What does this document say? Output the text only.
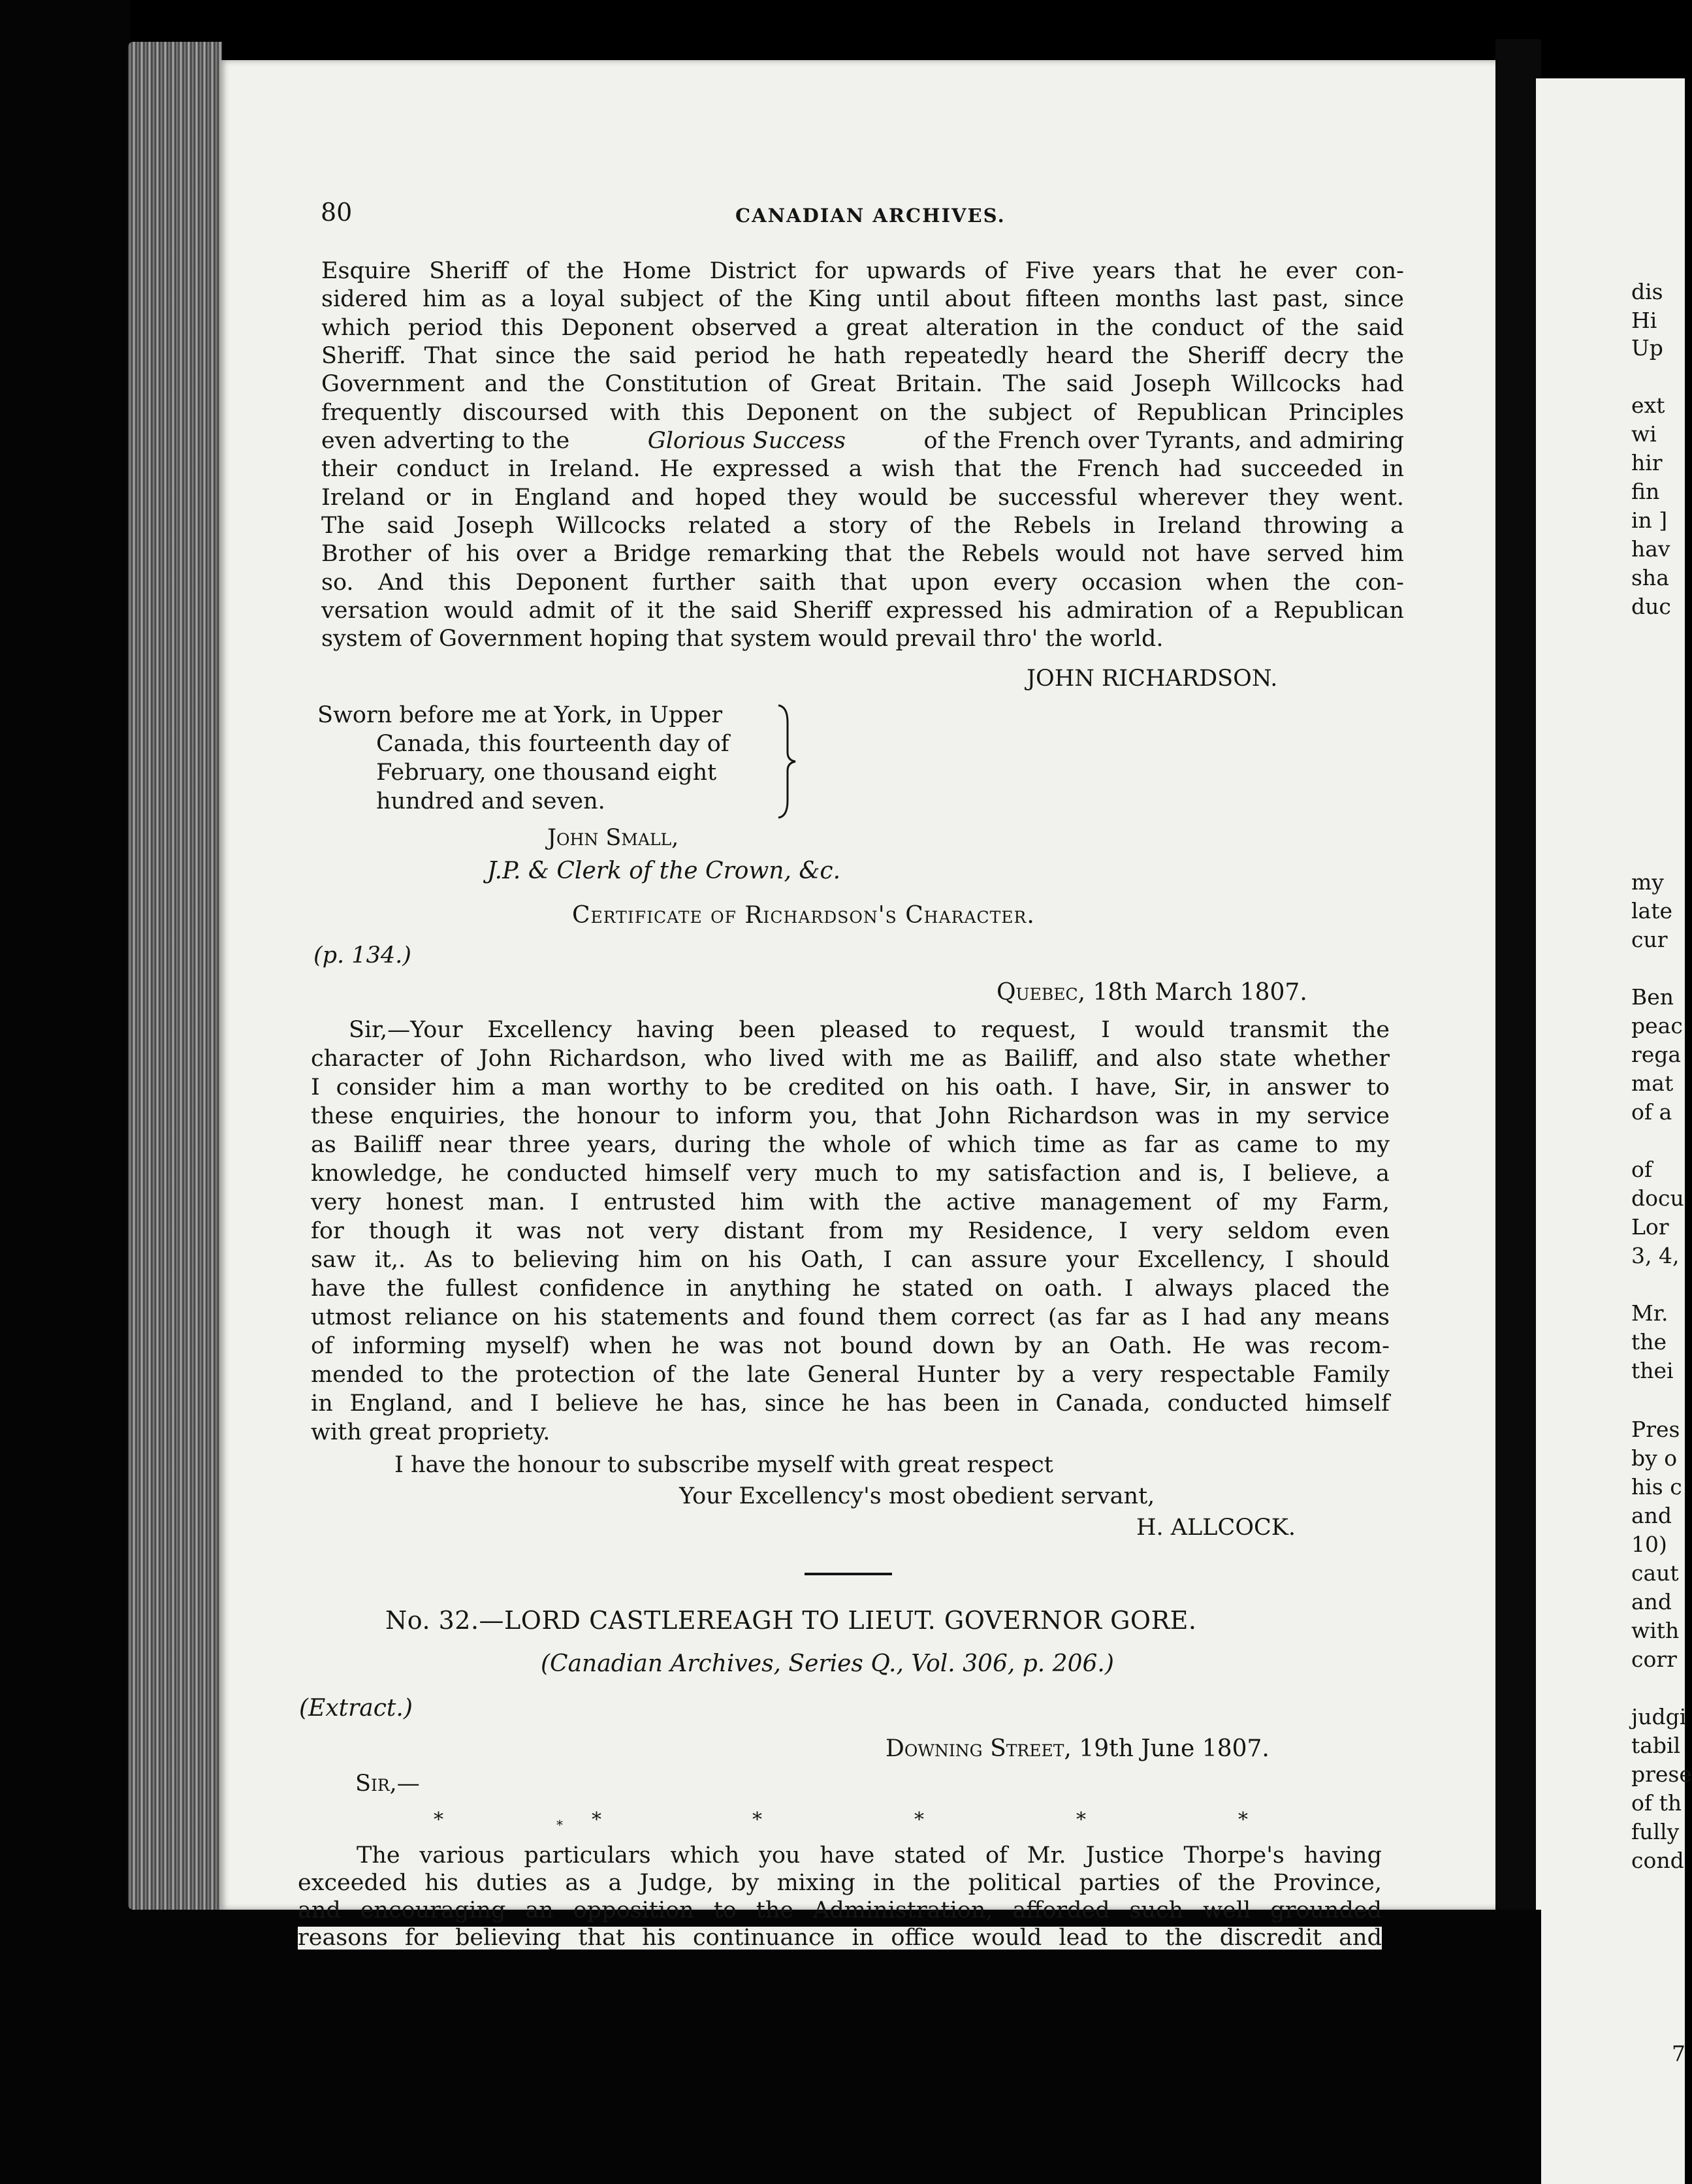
80	CANADIAN ARCHIVES.

Esquire Sheriff of the Home District for upwards of Five years that he ever con-

sidered him as a loyal subject of the King until about fifteen months last past, since

which period this Deponent observed a great alteration in the conduct of the said

Sheriff. That since the said period he hath repeatedly heard the Sheriff decry the

Government and the Constitution of Great Britain. The said Joseph Willcocks had

frequently discoursed with this Deponent on the subject of Republican Principles

even adverting to the	Glorious Success	of the French over Tyrants, and admiring

their conduct in Ireland. He expressed a wish that the French had succeeded in

Ireland or in England and hoped they would be successful wherever they went.

The said Joseph Willcocks related a story of the Rebels in Ireland throwing a

Brother of his over a Bridge remarking that the Rebels would not have served him

so. And this Deponent further saith that upon every occasion when the con-

versation would admit of it the said Sheriff expressed his admiration of a Republican

system of Government hoping that system would prevail thro' the world.

JOHN RICHARDSON.

Sworn before me at York, in Upper

Canada, this fourteenth day of

February, one thousand eight

hundred and seven.

John Small,

J.P. & Clerk of the Crown, &c.

Certificate of Richardson's Character.

(p. 134.)

Quebec, 18th March 1807.

Sir,—Your Excellency having been pleased to request, I would transmit the

character of John Richardson, who lived with me as Bailiff, and also state whether

I consider him a man worthy to be credited on his oath. I have, Sir, in answer to

these enquiries, the honour to inform you, that John Richardson was in my service

as Bailiff near three years, during the whole of which time as far as came to my

knowledge, he conducted himself very much to my satisfaction and is, I believe, a

very honest man. I entrusted him with the active management of my Farm,

for though it was not very distant from my Residence, I very seldom even

saw it,. As to believing him on his Oath, I can assure your Excellency, I should

have the fullest confidence in anything he stated on oath. I always placed the

utmost reliance on his statements and found them correct (as far as I had any means

of informing myself) when he was not bound down by an Oath. He was recom-

mended to the protection of the late General Hunter by a very respectable Family

in England, and I believe he has, since he has been in Canada, conducted himself

with great propriety.

I have the honour to subscribe myself with great respect

Your Excellency's most obedient servant,

H. ALLCOCK.

No. 32.—LORD CASTLEREAGH TO LIEUT. GOVERNOR GORE.

(Canadian Archives, Series Q., Vol. 306, p. 206.)

(Extract.)

Downing Street, 19th June 1807.

Sir,—

*	* *	*	*	*	*

The various particulars which you have stated of Mr. Justice Thorpe's having

exceeded his duties as a Judge, by mixing in the political parties of the Province,

and encouraging an opposition to the Administration, afforded such well grounded

reasons for believing that his continuance in office would lead to the discredit and

dis

Hi

Up

ext

wi

hir

fin

in ]

hav

sha

duc

my

late

cur

Ben

peac

rega

mat

of a

of

docu

Lor

3, 4,

Mr.

the

thei

Pres

by o

his c

and

10)

caut

and

with

corr

judgi

tabil

prese

of th

fully

cond

7
